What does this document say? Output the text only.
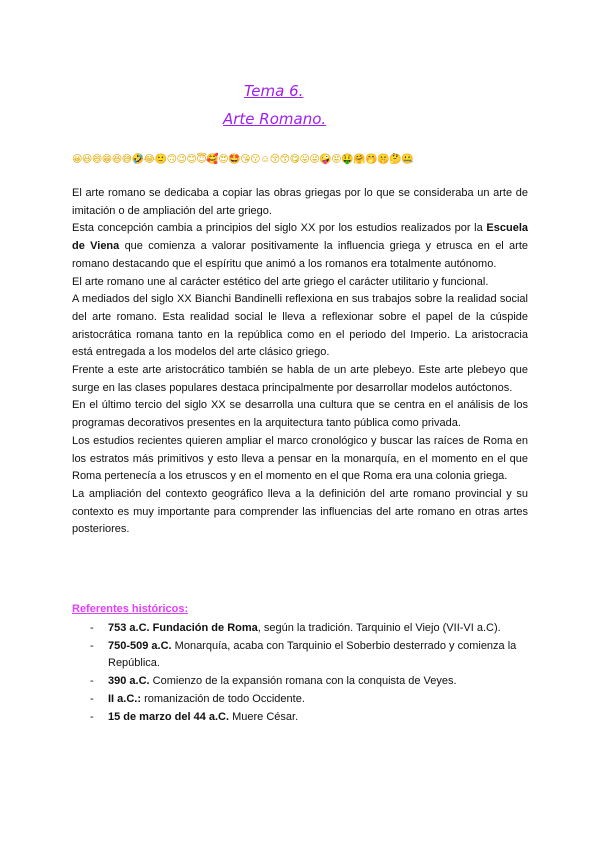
Tema 6.
Arte Romano.
😀😃😄😁😆😅🤣😂🙂🙃😉😊😇🥰😍🤩😘😗☺😚😙😋😛😜🤪😝🤑🤗🤭🤫🤔🤐

El arte romano se dedicaba a copiar las obras griegas por lo que se consideraba un arte de imitación o de ampliación del arte griego.

Esta concepción cambia a principios del siglo XX por los estudios realizados por la Escuela de Viena que comienza a valorar positivamente la influencia griega y etrusca en el arte romano destacando que el espíritu que animó a los romanos era totalmente autónomo.

El arte romano une al carácter estético del arte griego el carácter utilitario y funcional.

A mediados del siglo XX Bianchi Bandinelli reflexiona en sus trabajos sobre la realidad social del arte romano. Esta realidad social le lleva a reflexionar sobre el papel de la cúspide aristocrática romana tanto en la república como en el periodo del Imperio. La aristocracia está entregada a los modelos del arte clásico griego.

Frente a este arte aristocrático también se habla de un arte plebeyo. Este arte plebeyo que surge en las clases populares destaca principalmente por desarrollar modelos autóctonos.

En el último tercio del siglo XX se desarrolla una cultura que se centra en el análisis de los programas decorativos presentes en la arquitectura tanto pública como privada.

Los estudios recientes quieren ampliar el marco cronológico y buscar las raíces de Roma en los estratos más primitivos y esto lleva a pensar en la monarquía, en el momento en el que Roma pertenecía a los etruscos y en el momento en el que Roma era una colonia griega.

La ampliación del contexto geográfico lleva a la definición del arte romano provincial y su contexto es muy importante para comprender las influencias del arte romano en otras artes posteriores.

Referentes históricos:
- 753 a.C. Fundación de Roma, según la tradición. Tarquinio el Viejo (VII-VI a.C).
- 750-509 a.C. Monarquía, acaba con Tarquinio el Soberbio desterrado y comienza la República.
- 390 a.C. Comienzo de la expansión romana con la conquista de Veyes.
- II a.C.: romanización de todo Occidente.
- 15 de marzo del 44 a.C. Muere César.
